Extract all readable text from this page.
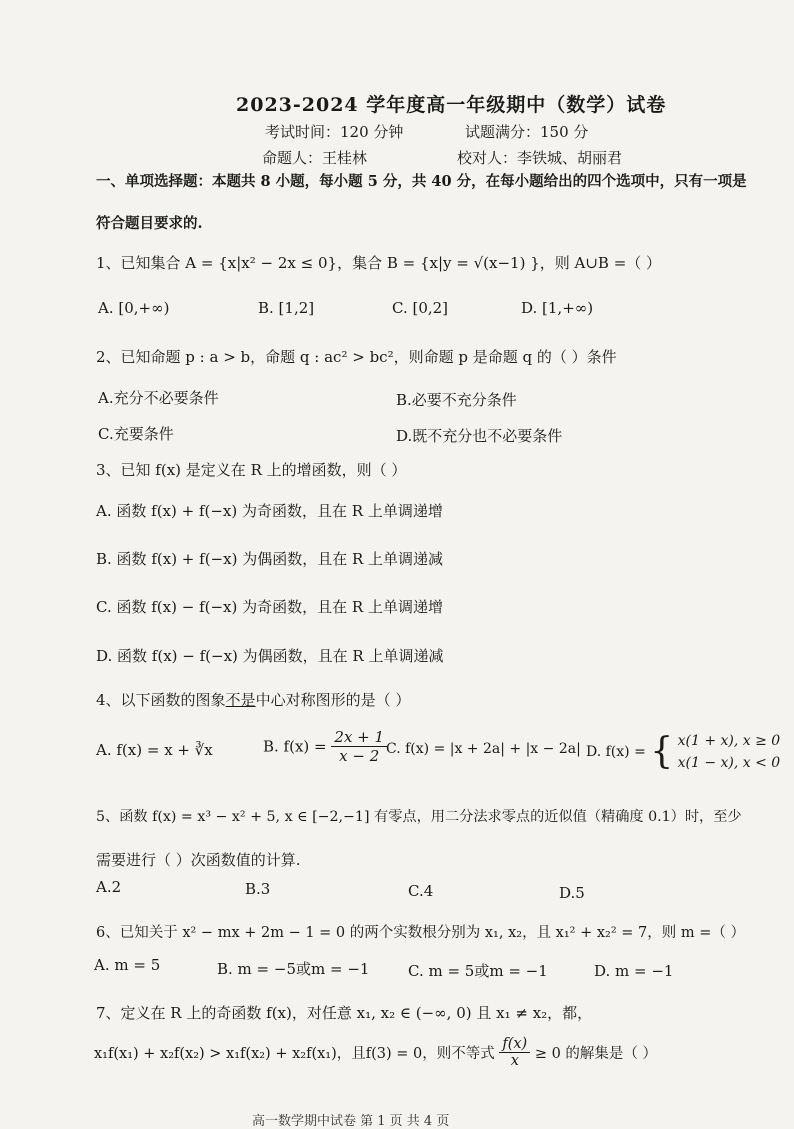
2023-2024 学年度高一年级期中（数学）试卷
考试时间：120 分钟	试题满分：150 分
命题人：王桂林	校对人：李铁城、胡丽君
一、单项选择题：本题共 8 小题，每小题 5 分，共 40 分，在每小题给出的四个选项中，只有一项是
符合题目要求的.
1、已知集合 A = {x|x² − 2x ≤ 0}，集合 B = {x|y = √(x−1) }，则 A∪B =（ ）
A. [0,+∞)	B. [1,2]	C. [0,2]	D. [1,+∞)
2、已知命题 p : a > b，命题 q : ac² > bc²，则命题 p 是命题 q 的（ ）条件
A.充分不必要条件	B.必要不充分条件
C.充要条件	D.既不充分也不必要条件
3、已知 f(x) 是定义在 R 上的增函数，则（ ）
A. 函数 f(x) + f(−x) 为奇函数，且在 R 上单调递增
B. 函数 f(x) + f(−x) 为偶函数，且在 R 上单调递减
C. 函数 f(x) − f(−x) 为奇函数，且在 R 上单调递增
D. 函数 f(x) − f(−x) 为偶函数，且在 R 上单调递减
4、以下函数的图象不是中心对称图形的是（ ）
A. f(x) = x + ∛x	B. $f(x) = \frac{2x + 1}{x - 2}$
C. f(x) = |x + 2a| + |x − 2a| D. f(x) = { x(1 + x), x ≥ 0
x(1 − x), x < 0
5、函数 f(x) = x³ − x² + 5, x ∈ [−2,−1] 有零点，用二分法求零点的近似值（精确度 0.1）时，至少
需要进行（ ）次函数值的计算.
A.2	B.3	C.4	D.5
6、已知关于 x² − mx + 2m − 1 = 0 的两个实数根分别为 x₁, x₂，且 x₁² + x₂² = 7，则 m =（ ）
A. m = 5	B. m = −5或m = −1	C. m = 5或m = −1	D. m = −1
7、定义在 R 上的奇函数 f(x)，对任意 x₁, x₂ ∈ (−∞, 0) 且 x₁ ≠ x₂，都，
x₁f(x₁) + x₂f(x₂) > x₁f(x₂) + x₂f(x₁)，且f(3) = 0，则不等式 $\frac{f(x)}{x} \ge 0$ 的解集是（ ）
高一数学期中试卷 第 1 页 共 4 页
